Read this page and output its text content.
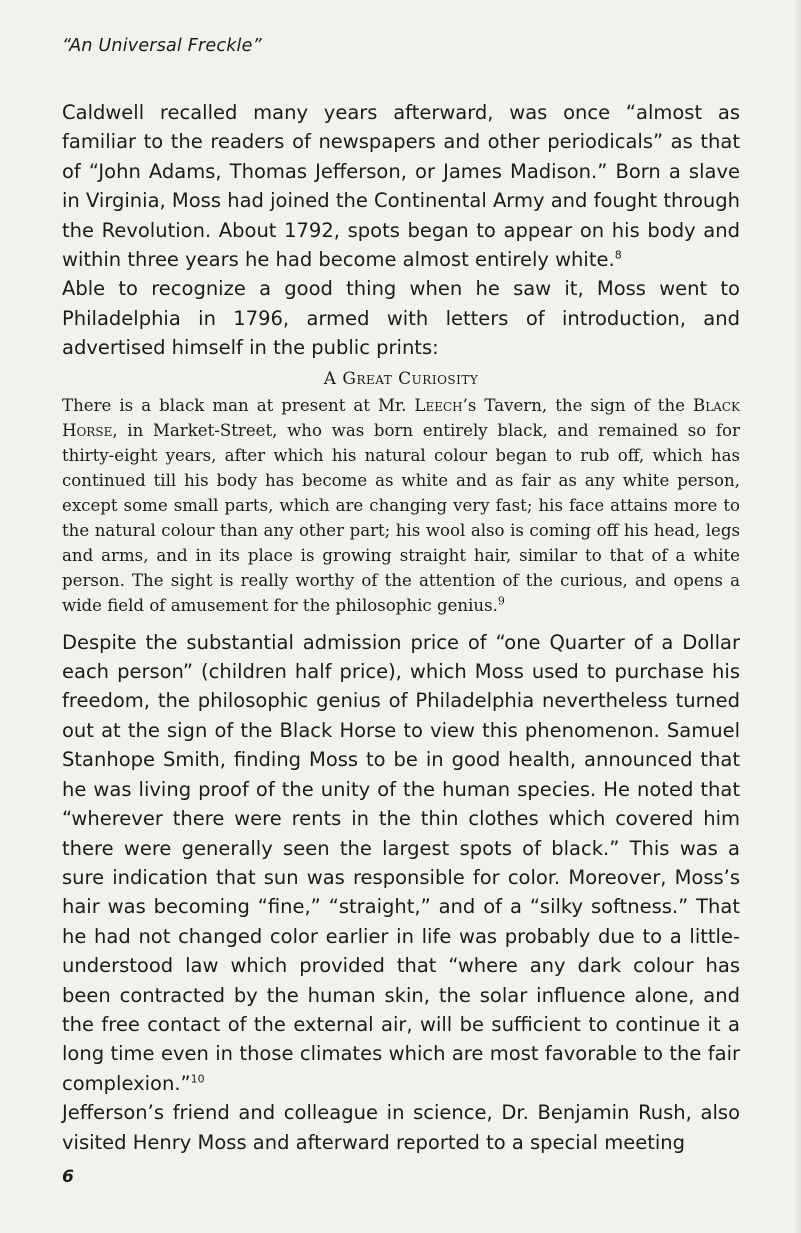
“An Universal Freckle”

Caldwell recalled many years afterward, was once “almost as familiar to the readers of newspapers and other periodicals” as that of “John Adams, Thomas Jefferson, or James Madison.” Born a slave in Virginia, Moss had joined the Continental Army and fought through the Revolution. About 1792, spots began to appear on his body and within three years he had become almost entirely white.$^8$

Able to recognize a good thing when he saw it, Moss went to Philadelphia in 1796, armed with letters of introduction, and advertised himself in the public prints:

A Great Curiosity

There is a black man at present at Mr. Leech’s Tavern, the sign of the Black Horse, in Market-Street, who was born entirely black, and remained so for thirty-eight years, after which his natural colour began to rub off, which has continued till his body has become as white and as fair as any white person, except some small parts, which are changing very fast; his face attains more to the natural colour than any other part; his wool also is coming off his head, legs and arms, and in its place is growing straight hair, similar to that of a white person. The sight is really worthy of the attention of the curious, and opens a wide field of amusement for the philosophic genius.$^9$

Despite the substantial admission price of “one Quarter of a Dollar each person” (children half price), which Moss used to purchase his freedom, the philosophic genius of Philadelphia nevertheless turned out at the sign of the Black Horse to view this phenomenon. Samuel Stanhope Smith, finding Moss to be in good health, announced that he was living proof of the unity of the human species. He noted that “wherever there were rents in the thin clothes which covered him there were generally seen the largest spots of black.” This was a sure indication that sun was responsible for color. Moreover, Moss’s hair was becoming “fine,” “straight,” and of a “silky softness.” That he had not changed color earlier in life was probably due to a little-understood law which provided that “where any dark colour has been contracted by the human skin, the solar influence alone, and the free contact of the external air, will be sufficient to continue it a long time even in those climates which are most favorable to the fair complexion.”$^{10}$

Jefferson’s friend and colleague in science, Dr. Benjamin Rush, also visited Henry Moss and afterward reported to a special meeting

6
